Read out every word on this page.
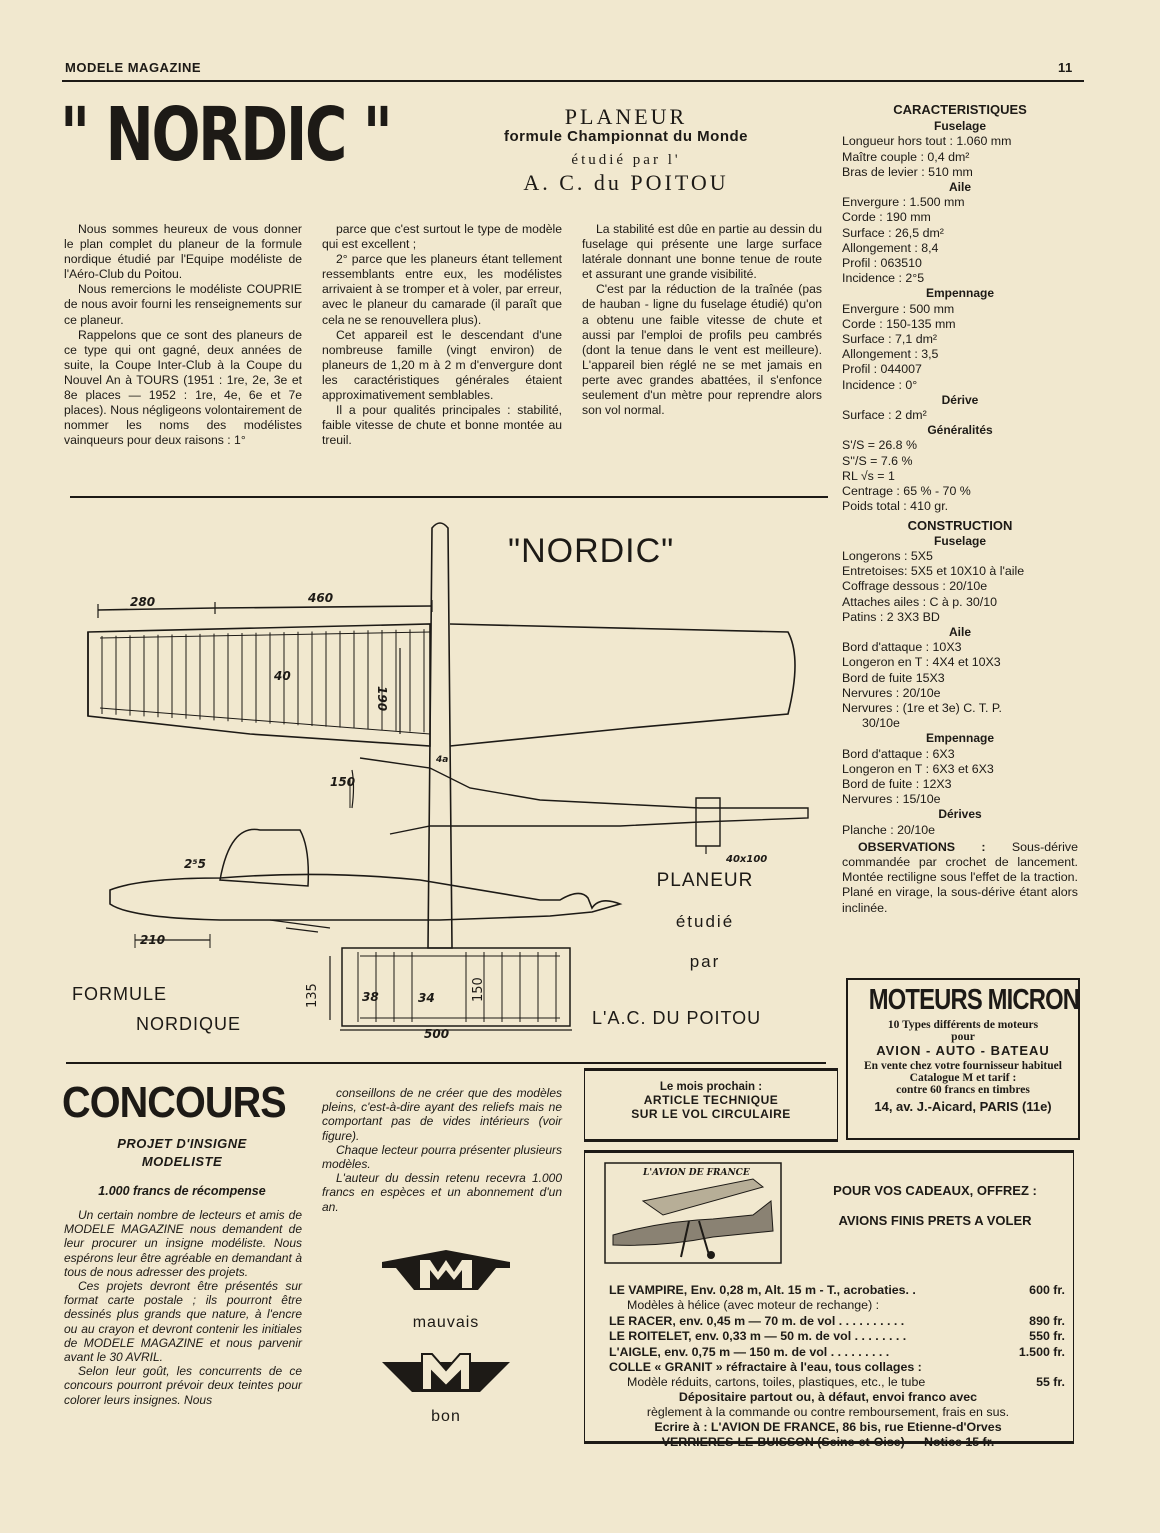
MODELE MAGAZINE	11
" NORDIC "	PLANEUR
formule Championnat du Monde
étudié par l'
A. C. du POITOU

Nous sommes heureux de vous donner le plan complet du planeur de la formule nordique étudié par l'Equipe modéliste de l'Aéro-Club du Poitou.

Nous remercions le modéliste COUPRIE de nous avoir fourni les renseignements sur ce planeur.

Rappelons que ce sont des planeurs de ce type qui ont gagné, deux années de suite, la Coupe Inter-Club à la Coupe du Nouvel An à TOURS (1951 : 1re, 2e, 3e et 8e places — 1952 : 1re, 4e, 6e et 7e places). Nous négligeons volontairement de nommer les noms des modélistes vainqueurs pour deux raisons : 1°

parce que c'est surtout le type de modèle qui est excellent ;

2° parce que les planeurs étant tellement ressemblants entre eux, les modélistes arrivaient à se tromper et à voler, par erreur, avec le planeur du camarade (il paraît que cela ne se renouvellera plus).

Cet appareil est le descendant d'une nombreuse famille (vingt environ) de planeurs de 1,20 m à 2 m d'envergure dont les caractéristiques générales étaient approximativement semblables.

Il a pour qualités principales : stabilité, faible vitesse de chute et bonne montée au treuil.

La stabilité est dûe en partie au dessin du fuselage qui présente une large surface latérale donnant une bonne tenue de route et assurant une grande visibilité.

C'est par la réduction de la traînée (pas de hauban - ligne du fuselage étudié) qu'on a obtenu une faible vitesse de chute et aussi par l'emploi de profils peu cambrés (dont la tenue dans le vent est meilleure). L'appareil bien réglé ne se met jamais en perte avec grandes abattées, il s'enfonce seulement d'un mètre pour reprendre alors son vol normal.

CARACTERISTIQUES
Fuselage
Longueur hors tout : 1.060 mm
Maître couple : 0,4 dm²
Bras de levier : 510 mm
Aile
Envergure : 1.500 mm
Corde : 190 mm
Surface : 26,5 dm²
Allongement : 8,4
Profil : 063510
Incidence : 2°5
Empennage
Envergure : 500 mm
Corde : 150-135 mm
Surface : 7,1 dm²
Allongement : 3,5
Profil : 044007
Incidence : 0°
Dérive
Surface : 2 dm²
Généralités
S'/S = 26.8 %
S''/S = 7.6 %
RL √s = 1
Centrage : 65 % - 70 %
Poids total : 410 gr.
CONSTRUCTION
Fuselage
Longerons : 5X5
Entretoises: 5X5 et 10X10 à l'aile
Coffrage dessous : 20/10e
Attaches ailes : C à p. 30/10
Patins : 2 3X3 BD
Aile
Bord d'attaque : 10X3
Longeron en T : 4X4 et 10X3
Bord de fuite 15X3
Nervures : 20/10e
Nervures : (1re et 3e) C. T. P.
30/10e
Empennage
Bord d'attaque : 6X3
Longeron en T : 6X3 et 6X3
Bord de fuite : 12X3
Nervures : 15/10e
Dérives
Planche : 20/10e
OBSERVATIONS : Sous-dérive commandée par crochet de lancement. Montée rectiligne sous l'effet de la traction. Plané en virage, la sous-dérive étant alors inclinée.
280	460
40
190
4a
150
2⁵5
210
135	38	34	150
500
40x100
"NORDIC"
PLANEUR
étudié
par
L'A.C. DU POITOU
FORMULE
NORDIQUE
MOTEURS MICRON
10 Types différents de moteurs
pour
AVION - AUTO - BATEAU
En vente chez votre fournisseur habituel
Catalogue M et tarif :
contre 60 francs en timbres
14, av. J.-Aicard, PARIS (11e)
Le mois prochain :
ARTICLE TECHNIQUE
SUR LE VOL CIRCULAIRE
CONCOURS
PROJET D'INSIGNE
MODELISTE
1.000 francs de récompense

Un certain nombre de lecteurs et amis de MODELE MAGAZINE nous demandent de leur procurer un insigne modéliste. Nous espérons leur être agréable en demandant à tous de nous adresser des projets.

Ces projets devront être présentés sur format carte postale ; ils pourront être dessinés plus grands que nature, à l'encre ou au crayon et devront contenir les initiales de MODELE MAGAZINE et nous parvenir avant le 30 AVRIL.

Selon leur goût, les concurrents de ce concours pourront prévoir deux teintes pour colorer leurs insignes. Nous

conseillons de ne créer que des modèles pleins, c'est-à-dire ayant des reliefs mais ne comportant pas de vides intérieurs (voir figure).

Chaque lecteur pourra présenter plusieurs modèles.

L'auteur du dessin retenu recevra 1.000 francs en espèces et un abonnement d'un an.

mauvais
bon
L'AVION DE FRANCE
POUR VOS CADEAUX, OFFREZ :
AVIONS FINIS PRETS A VOLER
LE VAMPIRE, Env. 0,28 m, Alt. 15 m - T., acrobaties. .	600 fr.
Modèles à hélice (avec moteur de rechange) :
LE RACER, env. 0,45 m — 70 m. de vol . . . . . . . . . .	890 fr.
LE ROITELET, env. 0,33 m — 50 m. de vol . . . . . . . .	550 fr.
L'AIGLE, env. 0,75 m — 150 m. de vol . . . . . . . . .	1.500 fr.
COLLE « GRANIT » réfractaire à l'eau, tous collages :
Modèle réduits, cartons, toiles, plastiques, etc., le tube	55 fr.
Dépositaire partout ou, à défaut, envoi franco avec
règlement à la commande ou contre remboursement, frais en sus.
Ecrire à : L'AVION DE FRANCE, 86 bis, rue Etienne-d'Orves
VERRIERES-LE-BUISSON (Seine-et-Oise) — Notice 15 fr.
